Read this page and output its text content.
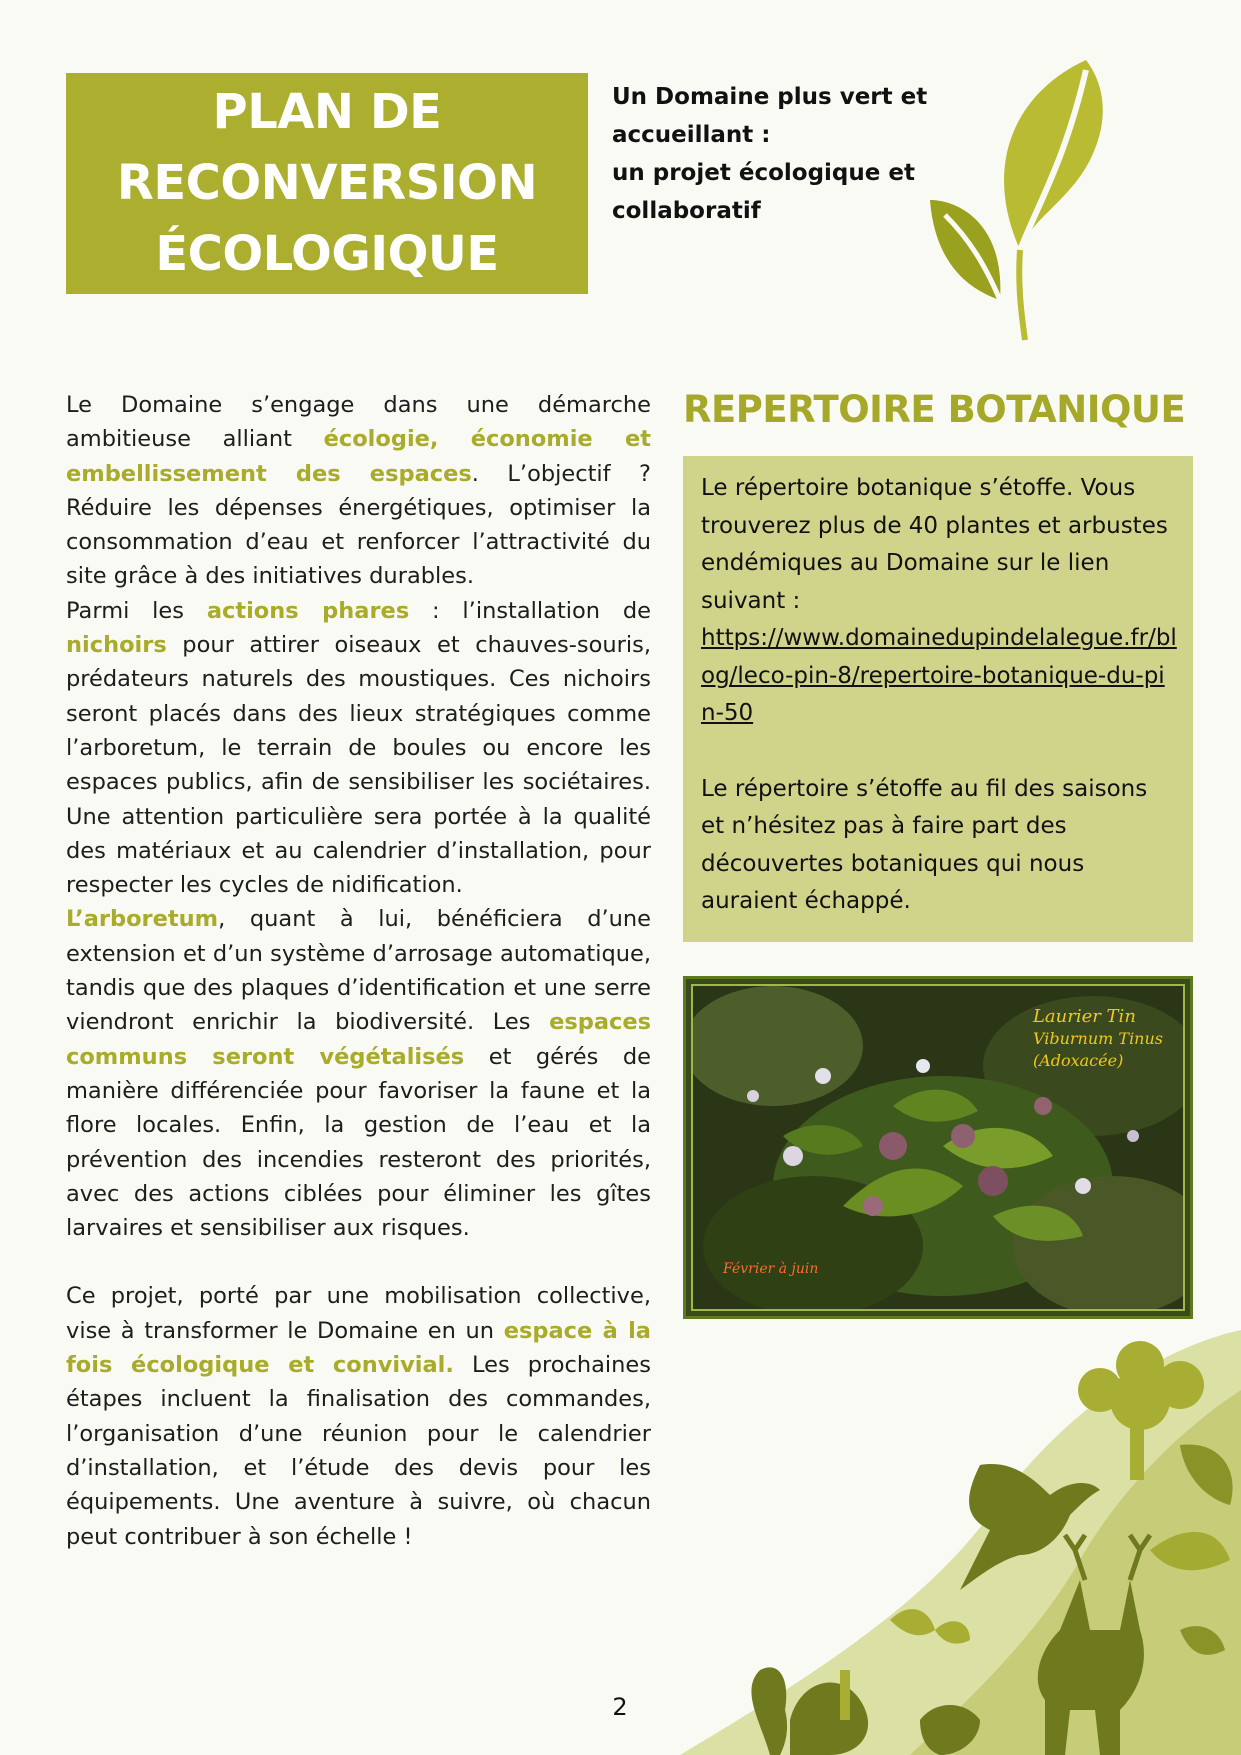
PLAN DE
RECONVERSION
ÉCOLOGIQUE
Un Domaine plus vert et
accueillant :
un projet écologique et
collaboratif

Le Domaine s’engage dans une démarche ambitieuse alliant écologie, économie et embellissement des espaces. L’objectif ? Réduire les dépenses énergétiques, optimiser la consommation d’eau et renforcer l’attractivité du site grâce à des initiatives durables.

Parmi les actions phares : l’installation de nichoirs pour attirer oiseaux et chauves-souris, prédateurs naturels des moustiques. Ces nichoirs seront placés dans des lieux stratégiques comme l’arboretum, le terrain de boules ou encore les espaces publics, afin de sensibiliser les sociétaires. Une attention particulière sera portée à la qualité des matériaux et au calendrier d’installation, pour respecter les cycles de nidification.

L’arboretum, quant à lui, bénéficiera d’une extension et d’un système d’arrosage automatique, tandis que des plaques d’identification et une serre viendront enrichir la biodiversité. Les espaces communs seront végétalisés et gérés de manière différenciée pour favoriser la faune et la flore locales. Enfin, la gestion de l’eau et la prévention des incendies resteront des priorités, avec des actions ciblées pour éliminer les gîtes larvaires et sensibiliser aux risques.

Ce projet, porté par une mobilisation collective, vise à transformer le Domaine en un espace à la fois écologique et convivial. Les prochaines étapes incluent la finalisation des commandes, l’organisation d’une réunion pour le calendrier d’installation, et l’étude des devis pour les équipements. Une aventure à suivre, où chacun peut contribuer à son échelle !

REPERTOIRE BOTANIQUE

Le répertoire botanique s’étoffe. Vous trouverez plus de 40 plantes et arbustes endémiques au Domaine sur le lien suivant :

https://www.domainedupindelalegue.fr/blog/leco-pin-8/repertoire-botanique-du-pin-50

Le répertoire s’étoffe au fil des saisons et n’hésitez pas à faire part des découvertes botaniques qui nous auraient échappé.

Laurier Tin
Viburnum Tinus
(Adoxacée)
Février à juin
2
